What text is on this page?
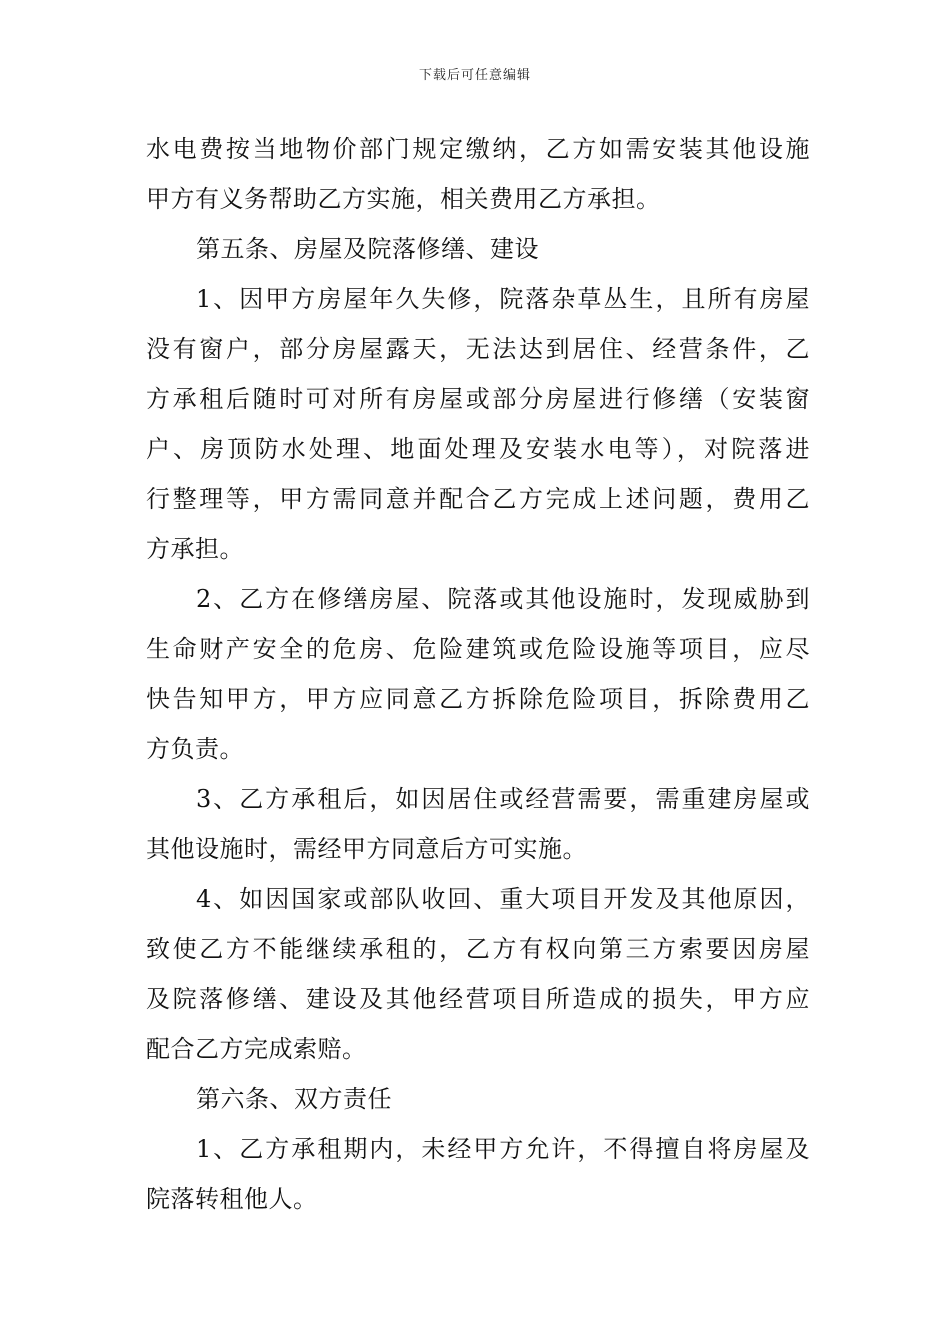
下载后可任意编辑
水电费按当地物价部门规定缴纳，乙方如需安装其他设施
甲方有义务帮助乙方实施，相关费用乙方承担。
第五条、房屋及院落修缮、建设
1、因甲方房屋年久失修，院落杂草丛生，且所有房屋
没有窗户，部分房屋露天，无法达到居住、经营条件，乙
方承租后随时可对所有房屋或部分房屋进行修缮（安装窗
户、房顶防水处理、地面处理及安装水电等），对院落进
行整理等，甲方需同意并配合乙方完成上述问题，费用乙
方承担。
2、乙方在修缮房屋、院落或其他设施时，发现威胁到
生命财产安全的危房、危险建筑或危险设施等项目，应尽
快告知甲方，甲方应同意乙方拆除危险项目，拆除费用乙
方负责。
3、乙方承租后，如因居住或经营需要，需重建房屋或
其他设施时，需经甲方同意后方可实施。
4、如因国家或部队收回、重大项目开发及其他原因，
致使乙方不能继续承租的，乙方有权向第三方索要因房屋
及院落修缮、建设及其他经营项目所造成的损失，甲方应
配合乙方完成索赔。
第六条、双方责任
1、乙方承租期内，未经甲方允许，不得擅自将房屋及
院落转租他人。
